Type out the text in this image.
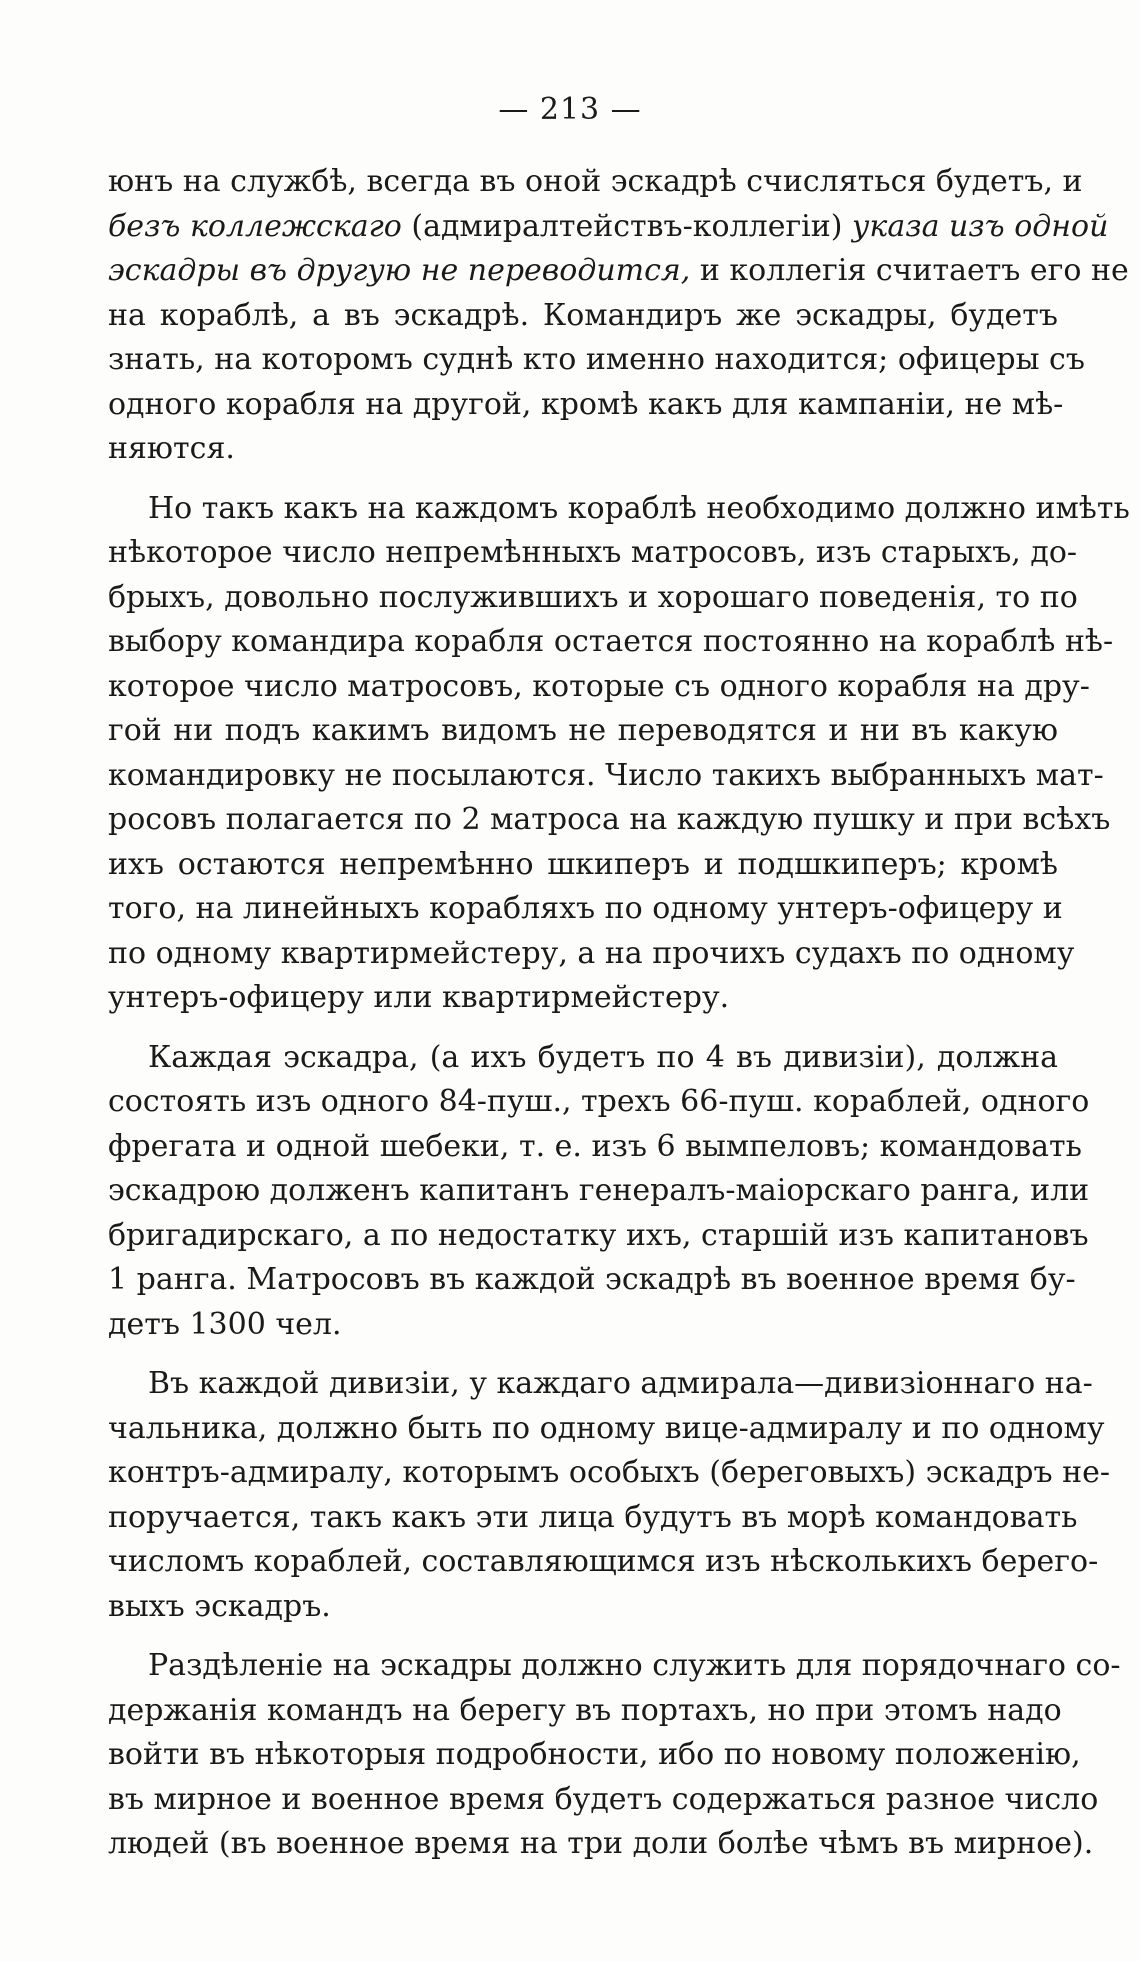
— 213 —
юнъ на службѣ, всегда въ оной эскадрѣ счисляться будетъ, и
безъ коллежскаго (адмиралтействъ-коллегіи) указа изъ одной
эскадры въ другую не переводится, и коллегія считаетъ его не
на кораблѣ, а въ эскадрѣ. Командиръ же эскадры, будетъ
знать, на которомъ суднѣ кто именно находится; офицеры съ
одного корабля на другой, кромѣ какъ для кампаніи, не мѣ-
няются.
Но такъ какъ на каждомъ кораблѣ необходимо должно имѣть
нѣкоторое число непремѣнныхъ матросовъ, изъ старыхъ, до-
брыхъ, довольно послужившихъ и хорошаго поведенія, то по
выбору командира корабля остается постоянно на кораблѣ нѣ-
которое число матросовъ, которые съ одного корабля на дру-
гой ни подъ какимъ видомъ не переводятся и ни въ какую
командировку не посылаются. Число такихъ выбранныхъ мат-
росовъ полагается по 2 матроса на каждую пушку и при всѣхъ
ихъ остаются непремѣнно шкиперъ и подшкиперъ; кромѣ
того, на линейныхъ корабляхъ по одному унтеръ-офицеру и
по одному квартирмейстеру, а на прочихъ судахъ по одному
унтеръ-офицеру или квартирмейстеру.
Каждая эскадра, (а ихъ будетъ по 4 въ дивизіи), должна
состоять изъ одного 84-пуш., трехъ 66-пуш. кораблей, одного
фрегата и одной шебеки, т. е. изъ 6 вымпеловъ; командовать
эскадрою долженъ капитанъ генералъ-маіорскаго ранга, или
бригадирскаго, а по недостатку ихъ, старшій изъ капитановъ
1 ранга. Матросовъ въ каждой эскадрѣ въ военное время бу-
детъ 1300 чел.
Въ каждой дивизіи, у каждаго адмирала—дивизіоннаго на-
чальника, должно быть по одному вице-адмиралу и по одному
контръ-адмиралу, которымъ особыхъ (береговыхъ) эскадръ не-
поручается, такъ какъ эти лица будутъ въ морѣ командовать
числомъ кораблей, составляющимся изъ нѣсколькихъ берего-
выхъ эскадръ.
Раздѣленіе на эскадры должно служить для порядочнаго со-
держанія командъ на берегу въ портахъ, но при этомъ надо
войти въ нѣкоторыя подробности, ибо по новому положенію,
въ мирное и военное время будетъ содержаться разное число
людей (въ военное время на три доли болѣе чѣмъ въ мирное).
